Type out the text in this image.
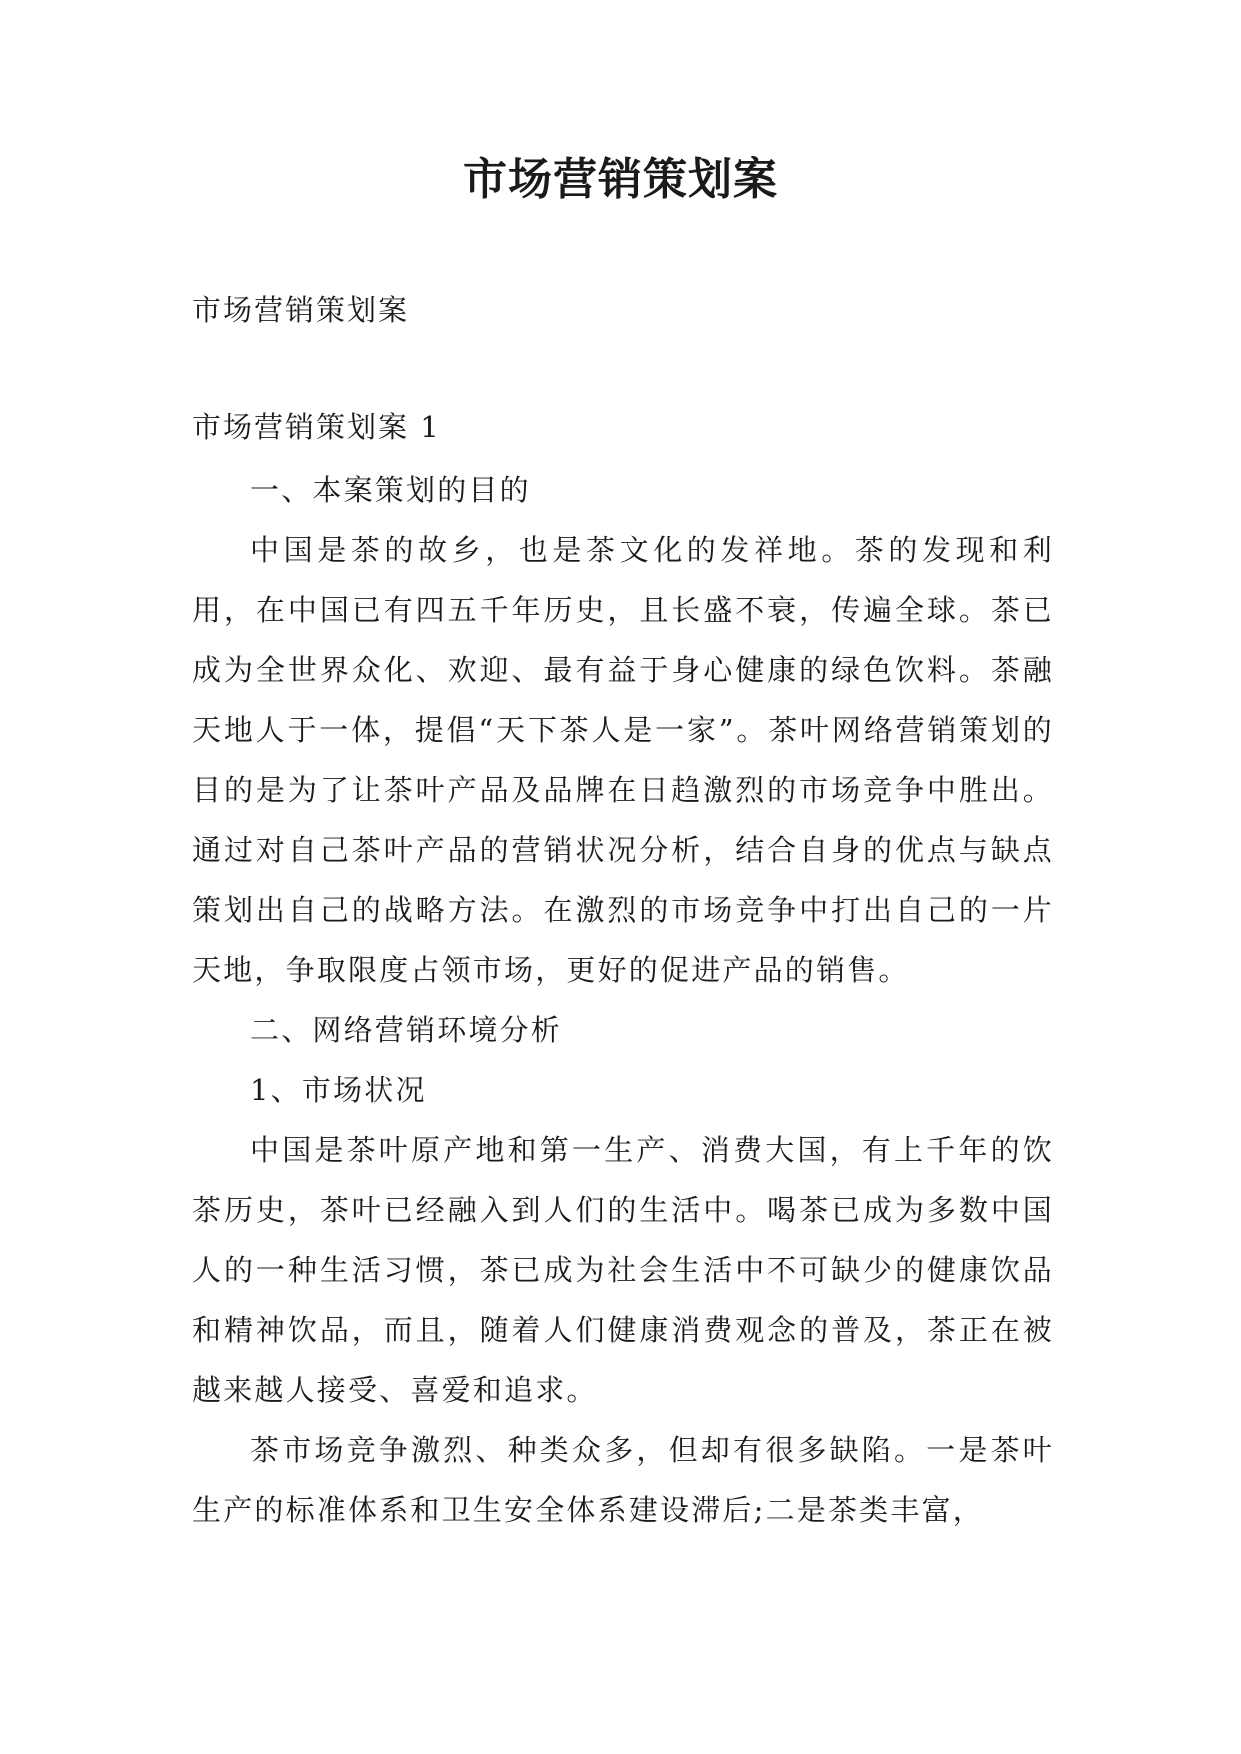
市场营销策划案
市场营销策划案
市场营销策划案 1

一、本案策划的目的

中国是茶的故乡，也是茶文化的发祥地。茶的发现和利用，在中国已有四五千年历史，且长盛不衰，传遍全球。茶已成为全世界众化、欢迎、最有益于身心健康的绿色饮料。茶融天地人于一体，提倡“天下茶人是一家”。茶叶网络营销策划的目的是为了让茶叶产品及品牌在日趋激烈的市场竞争中胜出。通过对自己茶叶产品的营销状况分析，结合自身的优点与缺点策划出自己的战略方法。在激烈的市场竞争中打出自己的一片天地，争取限度占领市场，更好的促进产品的销售。

二、网络营销环境分析

1、市场状况

中国是茶叶原产地和第一生产、消费大国，有上千年的饮茶历史，茶叶已经融入到人们的生活中。喝茶已成为多数中国人的一种生活习惯，茶已成为社会生活中不可缺少的健康饮品和精神饮品，而且，随着人们健康消费观念的普及，茶正在被越来越人接受、喜爱和追求。

茶市场竞争激烈、种类众多，但却有很多缺陷。一是茶叶生产的标准体系和卫生安全体系建设滞后;二是茶类丰富，
